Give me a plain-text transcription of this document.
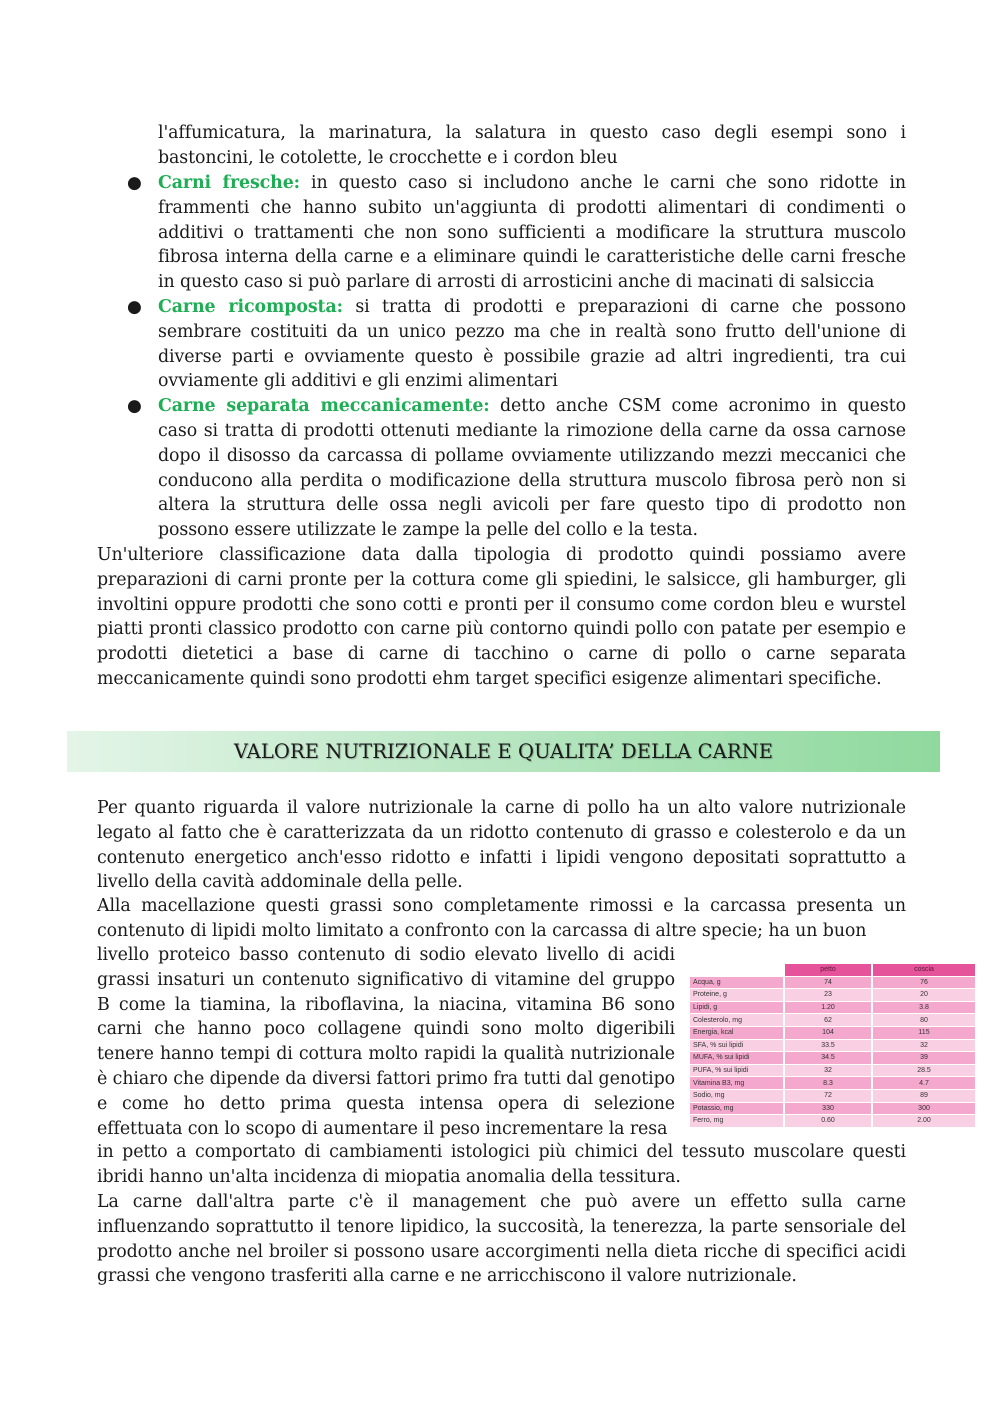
l'affumicatura, la marinatura, la salatura in questo caso degli esempi sono i bastoncini, le cotolette, le crocchette e i cordon bleu
● Carni fresche: in questo caso si includono anche le carni che sono ridotte in frammenti che hanno subito un'aggiunta di prodotti alimentari di condimenti o additivi o trattamenti che non sono sufficienti a modificare la struttura muscolo fibrosa interna della carne e a eliminare quindi le caratteristiche delle carni fresche in questo caso si può parlare di arrosti di arrosticini anche di macinati di salsiccia
● Carne ricomposta: si tratta di prodotti e preparazioni di carne che possono sembrare costituiti da un unico pezzo ma che in realtà sono frutto dell'unione di diverse parti e ovviamente questo è possibile grazie ad altri ingredienti, tra cui ovviamente gli additivi e gli enzimi alimentari
● Carne separata meccanicamente: detto anche CSM come acronimo in questo caso si tratta di prodotti ottenuti mediante la rimozione della carne da ossa carnose dopo il disosso da carcassa di pollame ovviamente utilizzando mezzi meccanici che conducono alla perdita o modificazione della struttura muscolo fibrosa però non si altera la struttura delle ossa negli avicoli per fare questo tipo di prodotto non possono essere utilizzate le zampe la pelle del collo e la testa.
Un'ulteriore classificazione data dalla tipologia di prodotto quindi possiamo avere preparazioni di carni pronte per la cottura come gli spiedini, le salsicce, gli hamburger, gli involtini oppure prodotti che sono cotti e pronti per il consumo come cordon bleu e wurstel piatti pronti classico prodotto con carne più contorno quindi pollo con patate per esempio e prodotti dietetici a base di carne di tacchino o carne di pollo o carne separata meccanicamente quindi sono prodotti ehm target specifici esigenze alimentari specifiche.
VALORE NUTRIZIONALE E QUALITA’ DELLA CARNE
Per quanto riguarda il valore nutrizionale la carne di pollo ha un alto valore nutrizionale legato al fatto che è caratterizzata da un ridotto contenuto di grasso e colesterolo e da un contenuto energetico anch'esso ridotto e infatti i lipidi vengono depositati soprattutto a livello della cavità addominale della pelle.
Alla macellazione questi grassi sono completamente rimossi e la carcassa presenta un contenuto di lipidi molto limitato a confronto con la carcassa di altre specie; ha un buon
livello proteico basso contenuto di sodio elevato livello di acidi grassi insaturi un contenuto significativo di vitamine del gruppo B come la tiamina, la riboflavina, la niacina, vitamina B6 sono carni che hanno poco collagene quindi sono molto digeribili tenere hanno tempi di cottura molto rapidi la qualità nutrizionale è chiaro che dipende da diversi fattori primo fra tutti dal genotipo e come ho detto prima questa intensa opera di selezione effettuata con lo scopo di aumentare il peso incrementare la resa
in petto a comportato di cambiamenti istologici più chimici del tessuto muscolare questi ibridi hanno un'alta incidenza di miopatia anomalia della tessitura.
La carne dall'altra parte c'è il management che può avere un effetto sulla carne influenzando soprattutto il tenore lipidico, la succosità, la tenerezza, la parte sensoriale del prodotto anche nel broiler si possono usare accorgimenti nella dieta ricche di specifici acidi grassi che vengono trasferiti alla carne e ne arricchiscono il valore nutrizionale.
	petto	coscia
Acqua, g	74	76
Proteine, g	23	20
Lipidi, g	1.20	3.8
Colesterolo, mg	62	80
Energia, kcal	104	115
SFA, % sui lipidi	33.5	32
MUFA, % sui lipidi	34.5	39
PUFA, % sui lipidi	32	28.5
Vitamina B3, mg	8.3	4.7
Sodio, mg	72	89
Potassio, mg	330	300
Ferro, mg	0.60	2.00
